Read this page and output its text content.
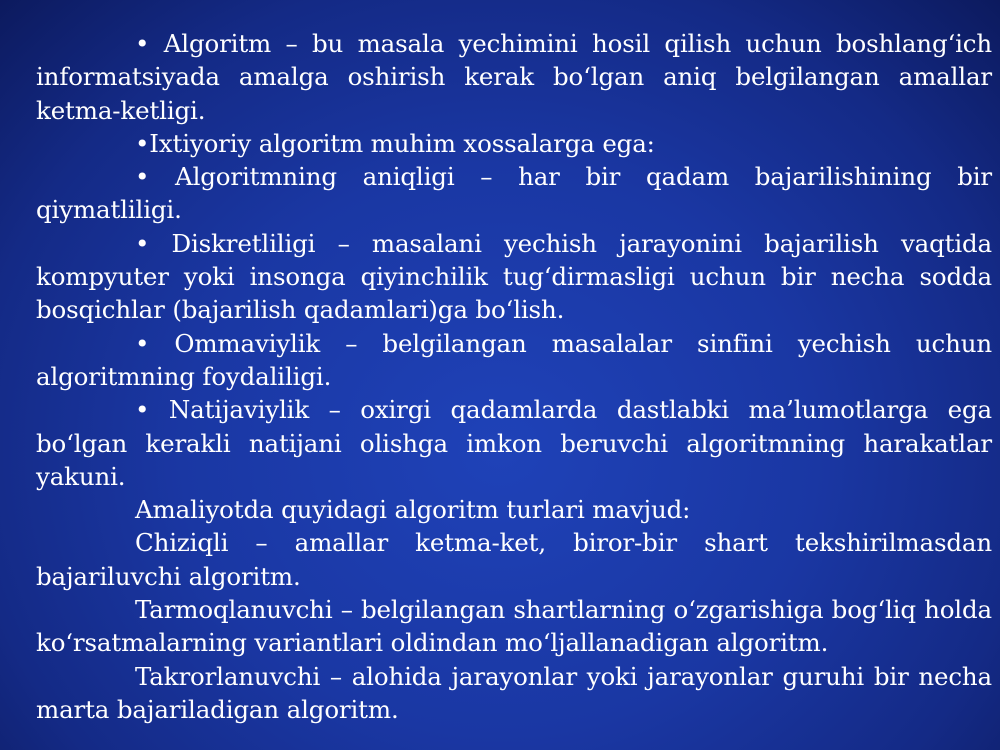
• Algoritm – bu masala yechimini hosil qilish uchun boshlang‘ich informatsiyada amalga oshirish kerak bo‘lgan aniq belgilangan amallar ketma-ketligi.

•Ixtiyoriy algoritm muhim xossalarga ega:

• Algoritmning aniqligi – har bir qadam bajarilishining bir qiymatliligi.

• Diskretliligi – masalani yechish jarayonini bajarilish vaqtida kompyuter yoki insonga qiyinchilik tug‘dirmasligi uchun bir necha sodda bosqichlar (bajarilish qadamlari)ga bo‘lish.

• Ommaviylik – belgilangan masalalar sinfini yechish uchun algoritmning foydaliligi.

• Natijaviylik – oxirgi qadamlarda dastlabki ma’lumotlarga ega bo‘lgan kerakli natijani olishga imkon beruvchi algoritmning harakatlar yakuni.

Amaliyotda quyidagi algoritm turlari mavjud:

Chiziqli – amallar ketma-ket, biror-bir shart tekshirilmasdan bajariluvchi algoritm.

Tarmoqlanuvchi – belgilangan shartlarning o‘zgarishiga bog‘liq holda ko‘rsatmalarning variantlari oldindan mo‘ljallanadigan algoritm.

Takrorlanuvchi – alohida jarayonlar yoki jarayonlar guruhi bir necha marta bajariladigan algoritm.
